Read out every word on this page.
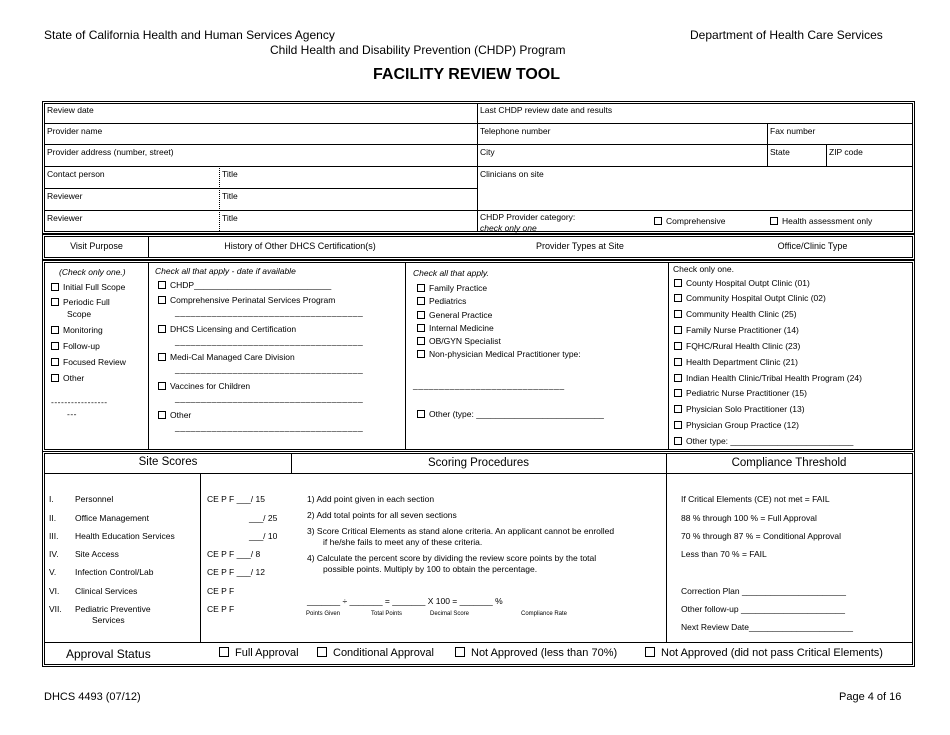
State of California Health and Human Services Agency	Department of Health Care Services
Child Health and Disability Prevention (CHDP) Program
FACILITY REVIEW TOOL
Review date	Last CHDP review date and results
Provider name	Telephone number	Fax number
Provider address (number, street)	City	State	ZIP code
Contact person	Title	Clinicians on site
Reviewer	Title
Reviewer	Title	CHDP Provider category:
check only one
Comprehensive	Health assessment only
Visit Purpose	History of Other DHCS Certification(s)	Provider Types at Site	Office/Clinic Type
(Check only one.)
Initial Full Scope
Periodic Full
Scope
Monitoring
Follow-up
Focused Review
Other
-----------------
---
Check all that apply - date if available
CHDP_____________________________
Comprehensive Perinatal Services Program
____________________________________
DHCS Licensing and Certification
____________________________________
Medi-Cal Managed Care Division
____________________________________
Vaccines for Children
____________________________________
Other
____________________________________
Check all that apply.
Family Practice
Pediatrics
General Practice
Internal Medicine
OB/GYN Specialist
Non-physician Medical Practitioner type:
_____________________________
Other (type: ___________________________
Check only one.
County Hospital Outpt Clinic (01)
Community Hospital Outpt Clinic (02)
Community Health Clinic (25)
Family Nurse Practitioner (14)
FQHC/Rural Health Clinic (23)
Health Department Clinic (21)
Indian Health Clinic/Tribal Health Program (24)
Pediatric Nurse Practitioner (15)
Physician Solo Practitioner (13)
Physician Group Practice (12)
Other type: __________________________
Site Scores	Scoring Procedures	Compliance Threshold
I.	Personnel	CE P F ___/ 15
II. Office Management	___/ 25
III. Health Education Services	___/ 10
IV. Site Access	CE P F ___/ 8
V. Infection Control/Lab	CE P F ___/ 12
VI. Clinical Services	CE P F
VII. Pediatric Preventive	CE P F
Services
1) Add point given in each section
2) Add total points for all seven sections
3) Score Critical Elements as stand alone criteria. An applicant cannot be enrolled
if he/she fails to meet any of these criteria.
4) Calculate the percent score by dividing the review score points by the total
possible points. Multiply by 100 to obtain the percentage.
_______ ÷ _______ = _______ X 100 = _______ %
Points Given	Total Points	Decimal Score	Compliance Rate
If Critical Elements (CE) not met = FAIL
88 % through 100 % = Full Approval
70 % through 87 % = Conditional Approval
Less than 70 % = FAIL
Correction Plan ______________________
Other follow-up ______________________
Next Review Date______________________
Approval Status	Full Approval	Conditional Approval	Not Approved (less than 70%)	Not Approved (did not pass Critical Elements)
DHCS 4493 (07/12)	Page 4 of 16
